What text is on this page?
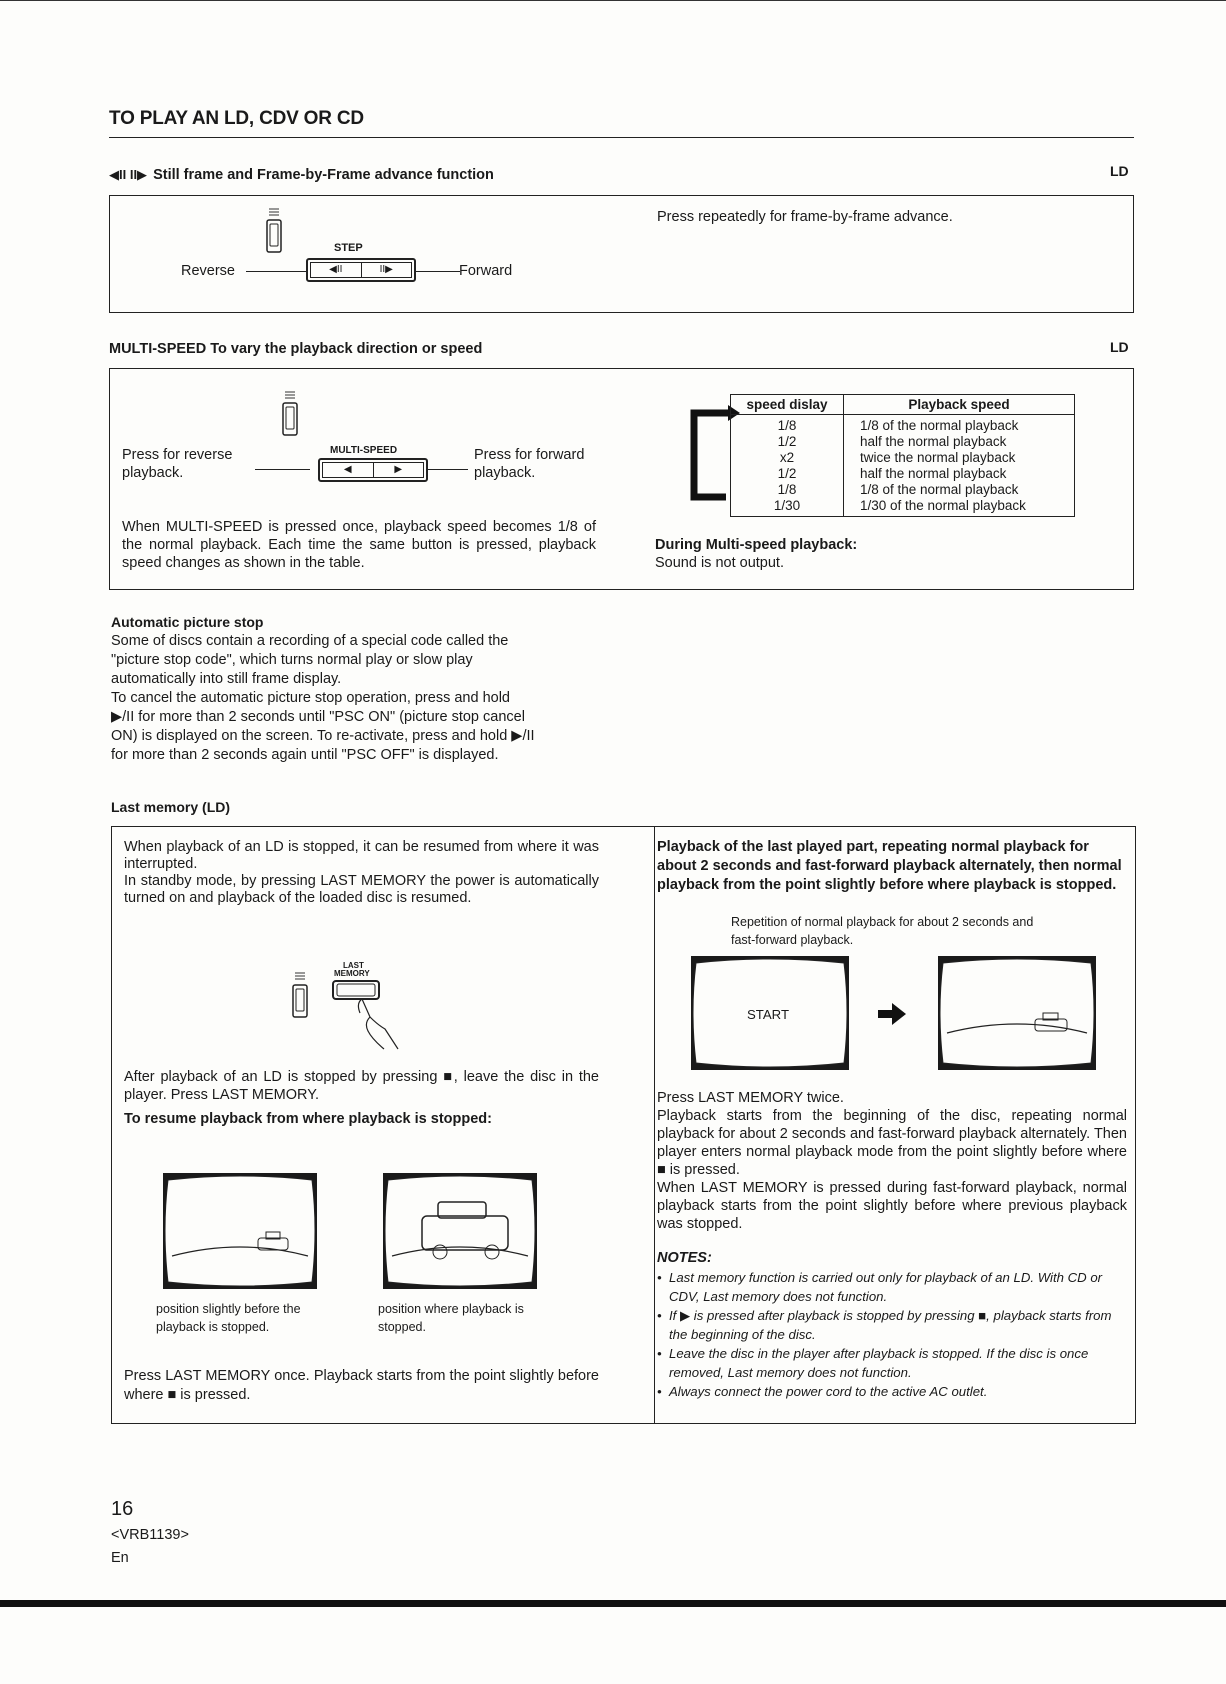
TO PLAY AN LD, CDV OR CD
◀II II▶ Still frame and Frame-by-Frame advance function	LD
STEP
Reverse	◀II	II▶	Forward
Press repeatedly for frame-by-frame advance.
MULTI-SPEED To vary the playback direction or speed	LD
Press for reverse playback.
MULTI-SPEED
◀	▶
Press for forward playback.
When MULTI-SPEED is pressed once, playback speed becomes 1/8 of the normal playback. Each time the same button is pressed, playback speed changes as shown in the table.
speed dislay	Playback speed
1/8	1/8 of the normal playback
1/2	half the normal playback
x2	twice the normal playback
1/2	half the normal playback
1/8	1/8 of the normal playback
1/30	1/30 of the normal playback
During Multi-speed playback:
Sound is not output.
Automatic picture stop
Some of discs contain a recording of a special code called the
"picture stop code", which turns normal play or slow play
automatically into still frame display.
To cancel the automatic picture stop operation, press and hold
▶/II for more than 2 seconds until "PSC ON" (picture stop cancel
ON) is displayed on the screen. To re-activate, press and hold ▶/II
for more than 2 seconds again until "PSC OFF" is displayed.
Last memory (LD)
When playback of an LD is stopped, it can be resumed from where it was interrupted.
In standby mode, by pressing LAST MEMORY the power is automatically turned on and playback of the loaded disc is resumed.
LAST
MEMORY
After playback of an LD is stopped by pressing ■, leave the disc in the player. Press LAST MEMORY.
To resume playback from where playback is stopped:
position slightly before the playback is stopped.
position where playback is stopped.
Press LAST MEMORY once. Playback starts from the point slightly before where ■ is pressed.
Playback of the last played part, repeating normal playback for about 2 seconds and fast-forward playback alternately, then normal playback from the point slightly before where playback is stopped.
Repetition of normal playback for about 2 seconds and fast-forward playback.
START
Press LAST MEMORY twice.
Playback starts from the beginning of the disc, repeating normal playback for about 2 seconds and fast-forward playback alternately. Then player enters normal playback mode from the point slightly before where ■ is pressed.
When LAST MEMORY is pressed during fast-forward playback, normal playback starts from the point slightly before where previous playback was stopped.
NOTES:
• Last memory function is carried out only for playback of an LD. With CD or CDV, Last memory does not function.
• If ▶ is pressed after playback is stopped by pressing ■, playback starts from the beginning of the disc.
• Leave the disc in the player after playback is stopped. If the disc is once removed, Last memory does not function.
• Always connect the power cord to the active AC outlet.
16
<VRB1139>
En
